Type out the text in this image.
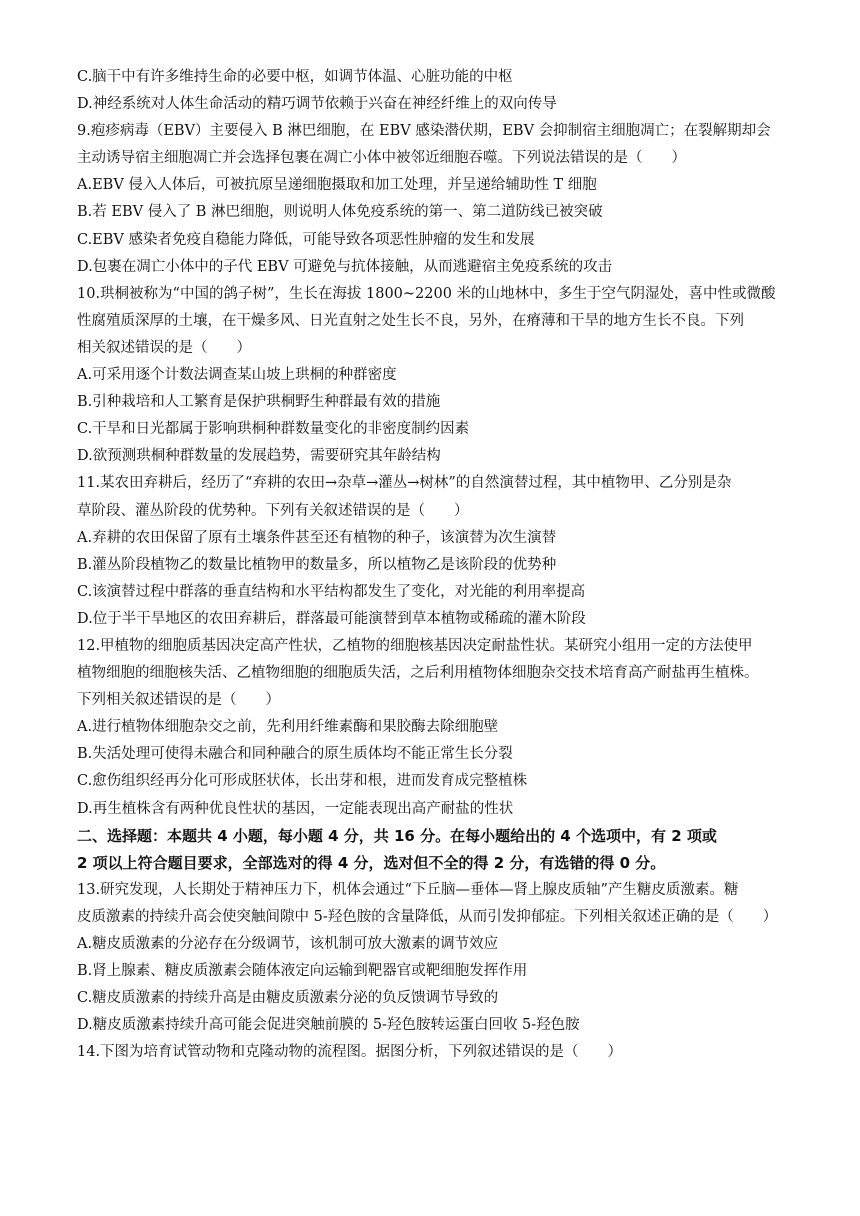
C.脑干中有许多维持生命的必要中枢，如调节体温、心脏功能的中枢
D.神经系统对人体生命活动的精巧调节依赖于兴奋在神经纤维上的双向传导
9.疱疹病毒（EBV）主要侵入 B 淋巴细胞，在 EBV 感染潜伏期，EBV 会抑制宿主细胞凋亡；在裂解期却会
主动诱导宿主细胞凋亡并会选择包裹在凋亡小体中被邻近细胞吞噬。下列说法错误的是（　　）
A.EBV 侵入人体后，可被抗原呈递细胞摄取和加工处理，并呈递给辅助性 T 细胞
B.若 EBV 侵入了 B 淋巴细胞，则说明人体免疫系统的第一、第二道防线已被突破
C.EBV 感染者免疫自稳能力降低，可能导致各项恶性肿瘤的发生和发展
D.包裹在凋亡小体中的子代 EBV 可避免与抗体接触，从而逃避宿主免疫系统的攻击
10.珙桐被称为“中国的鸽子树”，生长在海拔 1800~2200 米的山地林中，多生于空气阴湿处，喜中性或微酸
性腐殖质深厚的土壤，在干燥多风、日光直射之处生长不良，另外，在瘠薄和干旱的地方生长不良。下列
相关叙述错误的是（　　）
A.可采用逐个计数法调查某山坡上珙桐的种群密度
B.引种栽培和人工繁育是保护珙桐野生种群最有效的措施
C.干旱和日光都属于影响珙桐种群数量变化的非密度制约因素
D.欲预测珙桐种群数量的发展趋势，需要研究其年龄结构
11.某农田弃耕后，经历了“弃耕的农田→杂草→灌丛→树林”的自然演替过程，其中植物甲、乙分别是杂
草阶段、灌丛阶段的优势种。下列有关叙述错误的是（　　）
A.弃耕的农田保留了原有土壤条件甚至还有植物的种子，该演替为次生演替
B.灌丛阶段植物乙的数量比植物甲的数量多，所以植物乙是该阶段的优势种
C.该演替过程中群落的垂直结构和水平结构都发生了变化，对光能的利用率提高
D.位于半干旱地区的农田弃耕后，群落最可能演替到草本植物或稀疏的灌木阶段
12.甲植物的细胞质基因决定高产性状，乙植物的细胞核基因决定耐盐性状。某研究小组用一定的方法使甲
植物细胞的细胞核失活、乙植物细胞的细胞质失活，之后利用植物体细胞杂交技术培育高产耐盐再生植株。
下列相关叙述错误的是（　　）
A.进行植物体细胞杂交之前，先利用纤维素酶和果胶酶去除细胞壁
B.失活处理可使得未融合和同种融合的原生质体均不能正常生长分裂
C.愈伤组织经再分化可形成胚状体，长出芽和根，进而发育成完整植株
D.再生植株含有两种优良性状的基因，一定能表现出高产耐盐的性状
二、选择题：本题共 4 小题，每小题 4 分，共 16 分。在每小题给出的 4 个选项中，有 2 项或
2 项以上符合题目要求，全部选对的得 4 分，选对但不全的得 2 分，有选错的得 0 分。
13.研究发现，人长期处于精神压力下，机体会通过“下丘脑—垂体—肾上腺皮质轴”产生糖皮质激素。糖
皮质激素的持续升高会使突触间隙中 5-羟色胺的含量降低，从而引发抑郁症。下列相关叙述正确的是（　　）
A.糖皮质激素的分泌存在分级调节，该机制可放大激素的调节效应
B.肾上腺素、糖皮质激素会随体液定向运输到靶器官或靶细胞发挥作用
C.糖皮质激素的持续升高是由糖皮质激素分泌的负反馈调节导致的
D.糖皮质激素持续升高可能会促进突触前膜的 5-羟色胺转运蛋白回收 5-羟色胺
14.下图为培育试管动物和克隆动物的流程图。据图分析，下列叙述错误的是（　　）
